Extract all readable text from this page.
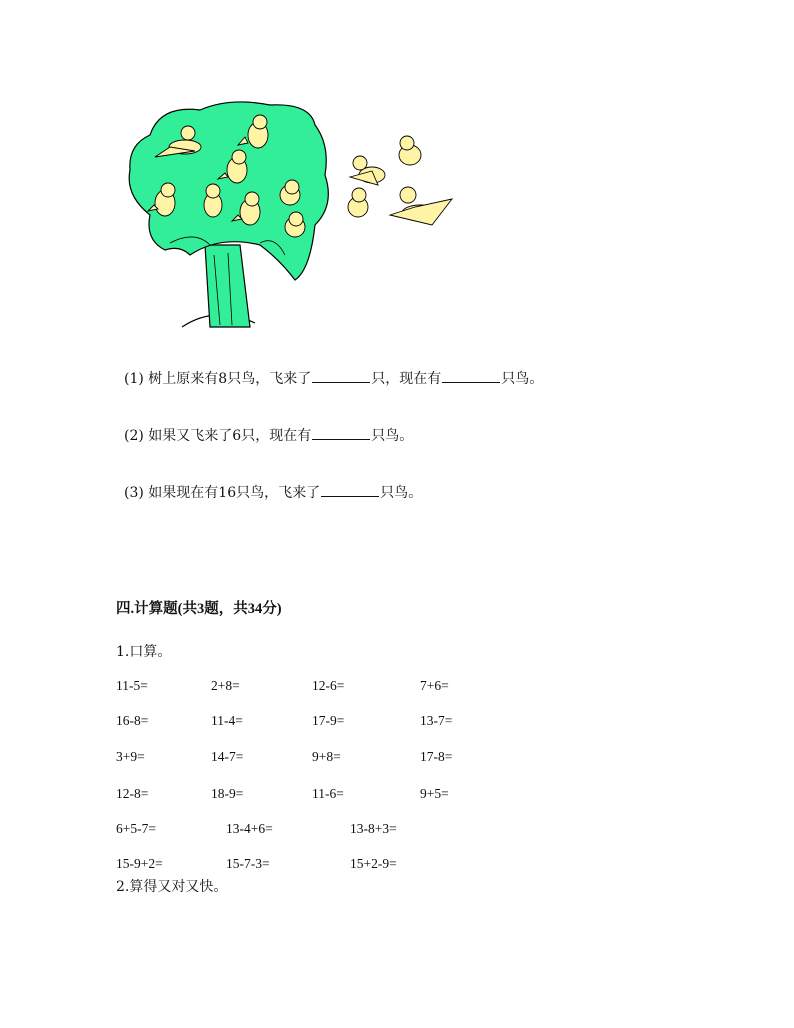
(1) 树上原来有8只鸟，飞来了	只，现在有	只鸟。
(2) 如果又飞来了6只，现在有	只鸟。
(3) 如果现在有16只鸟，飞来了	只鸟。
四.计算题(共3题，共34分)
1.口算。
11-5=	2+8=	12-6=	7+6=
16-8=	11-4=	17-9=	13-7=
3+9=	14-7=	9+8=	17-8=
12-8=	18-9=	11-6=	9+5=
6+5-7=	13-4+6=	13-8+3=
15-9+2=	15-7-3=	15+2-9=
2.算得又对又快。
